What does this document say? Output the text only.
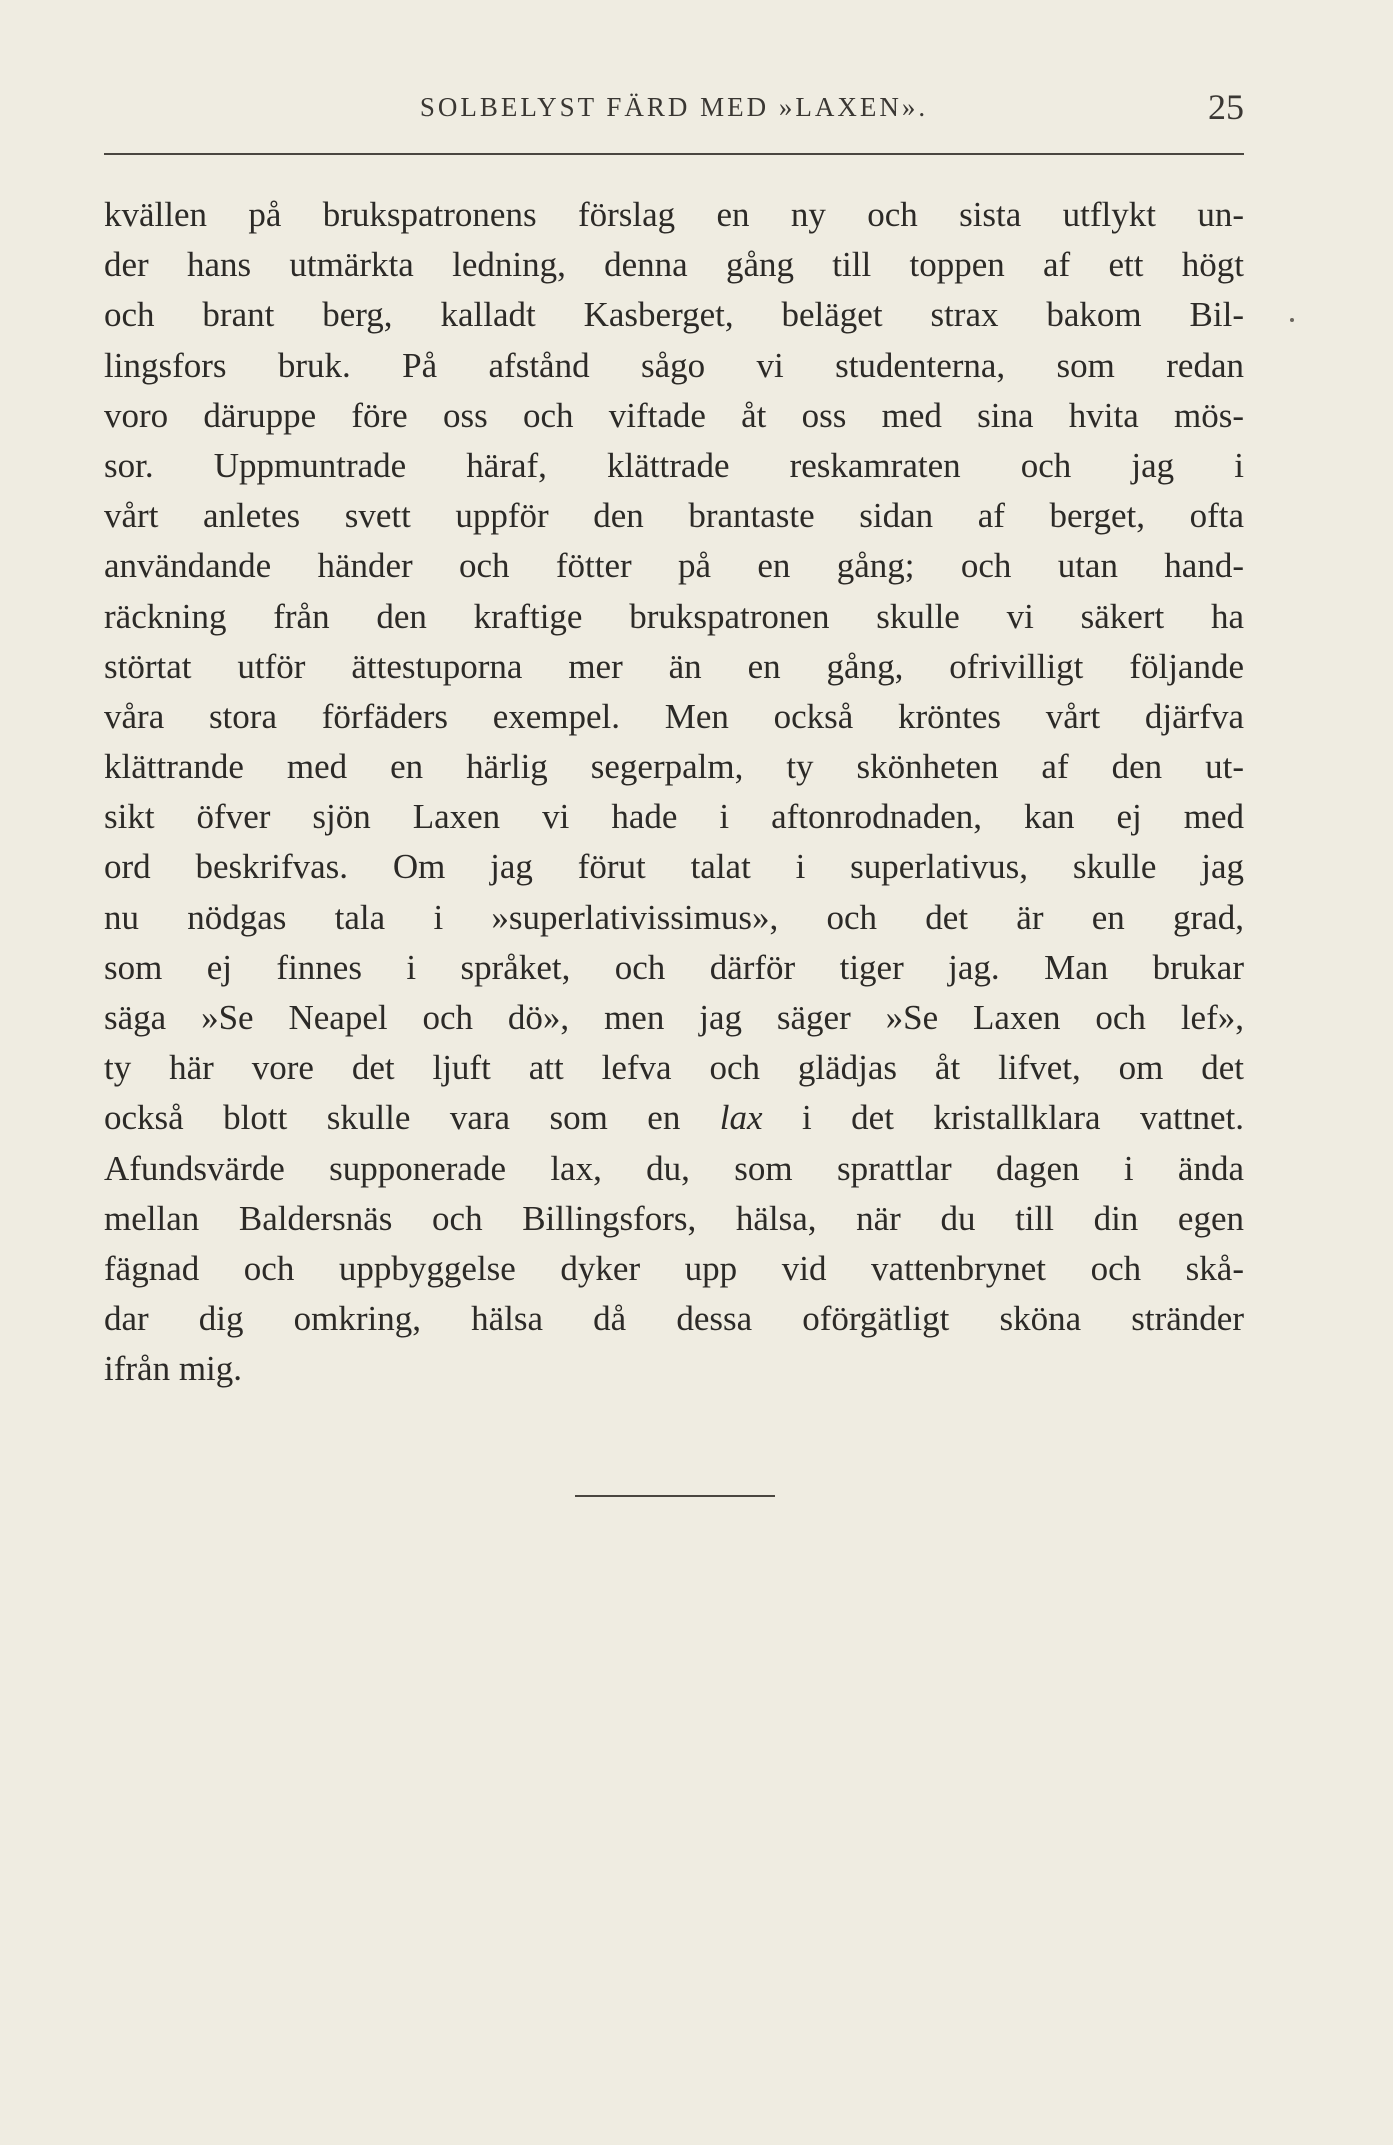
SOLBELYST FÄRD MED »LAXEN».	25
kvällen på brukspatronens förslag en ny och sista utflykt un-
der hans utmärkta ledning, denna gång till toppen af ett högt
och brant berg, kalladt Kasberget, beläget strax bakom Bil-
lingsfors bruk. På afstånd sågo vi studenterna, som redan
voro däruppe före oss och viftade åt oss med sina hvita mös-
sor. Uppmuntrade häraf, klättrade reskamraten och jag i
vårt anletes svett uppför den brantaste sidan af berget, ofta
användande händer och fötter på en gång; och utan hand-
räckning från den kraftige brukspatronen skulle vi säkert ha
störtat utför ättestuporna mer än en gång, ofrivilligt följande
våra stora förfäders exempel. Men också kröntes vårt djärfva
klättrande med en härlig segerpalm, ty skönheten af den ut-
sikt öfver sjön Laxen vi hade i aftonrodnaden, kan ej med
ord beskrifvas. Om jag förut talat i superlativus, skulle jag
nu nödgas tala i »superlativissimus», och det är en grad,
som ej finnes i språket, och därför tiger jag. Man brukar
säga »Se Neapel och dö», men jag säger »Se Laxen och lef»,
ty här vore det ljuft att lefva och glädjas åt lifvet, om det
också blott skulle vara som en lax i det kristallklara vattnet.
Afundsvärde supponerade lax, du, som sprattlar dagen i ända
mellan Baldersnäs och Billingsfors, hälsa, när du till din egen
fägnad och uppbyggelse dyker upp vid vattenbrynet och skå-
dar dig omkring, hälsa då dessa oförgätligt sköna stränder
ifrån mig.
